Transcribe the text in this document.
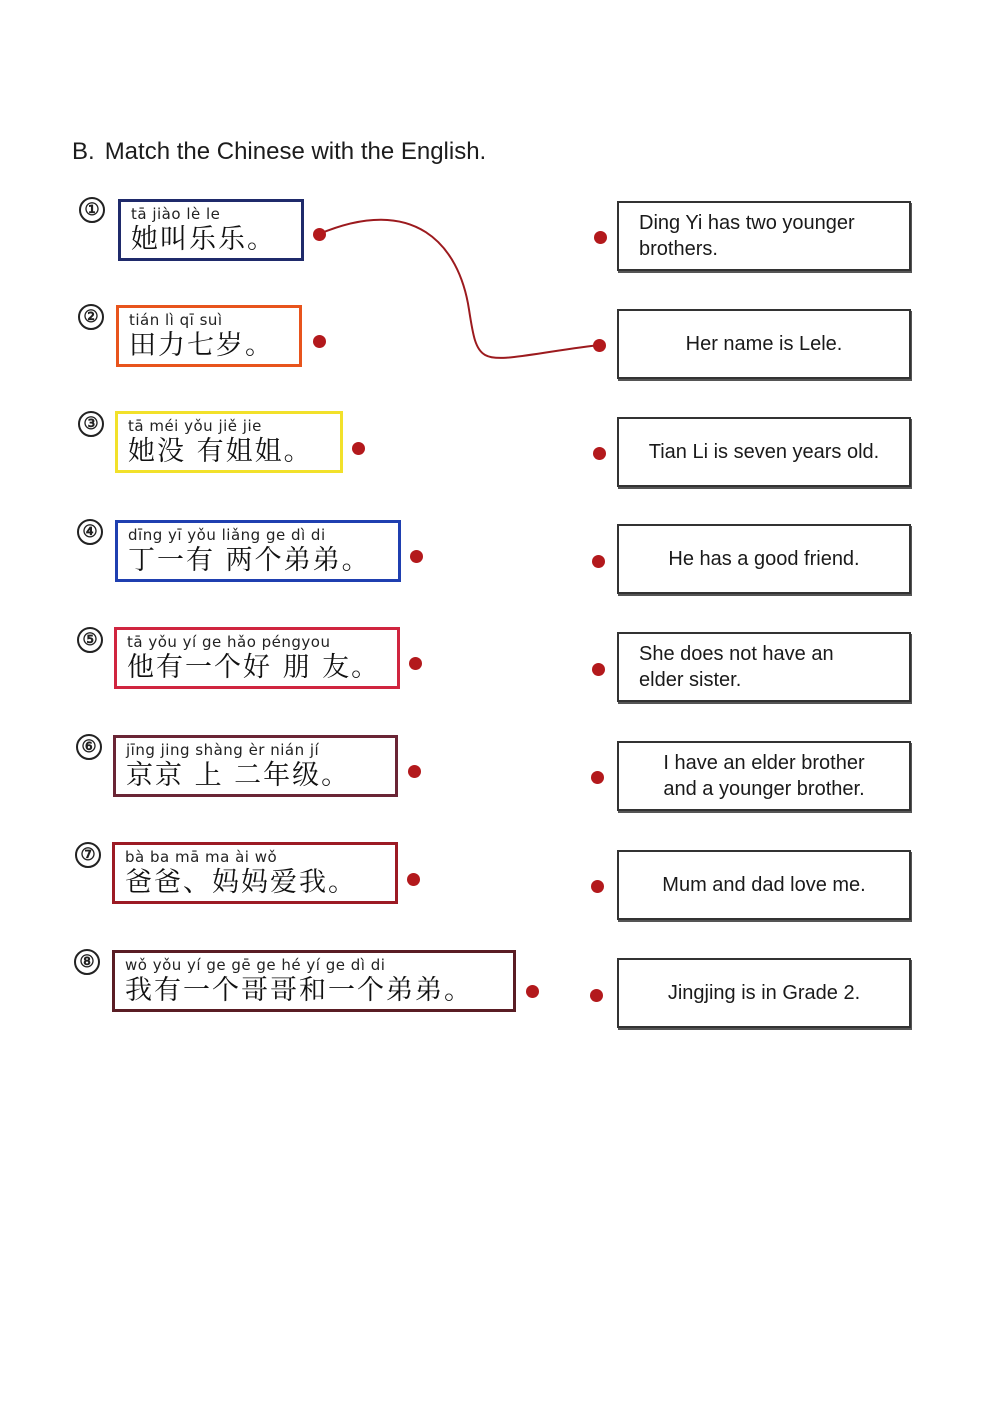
B. Match the Chinese with the English.
①	tā jiào lè le
她叫乐乐。
②	tián lì qī suì
田力七岁。
③	tā méi yǒu jiě jie
她没 有姐姐。
④	dīng yī yǒu liǎng ge dì di
丁一有 两个弟弟。
⑤	tā yǒu yí ge hǎo péngyou
他有一个好 朋 友。
⑥	jīng jing shàng èr nián jí
京京 上 二年级。
⑦	bà ba mā ma ài wǒ
爸爸、妈妈爱我。
⑧	wǒ yǒu yí ge gē ge hé yí ge dì di
我有一个哥哥和一个弟弟。
Ding Yi has two younger
brothers.
Her name is Lele.
Tian Li is seven years old.
He has a good friend.
She does not have an
elder sister.
I have an elder brother
and a younger brother.
Mum and dad love me.
Jingjing is in Grade 2.
